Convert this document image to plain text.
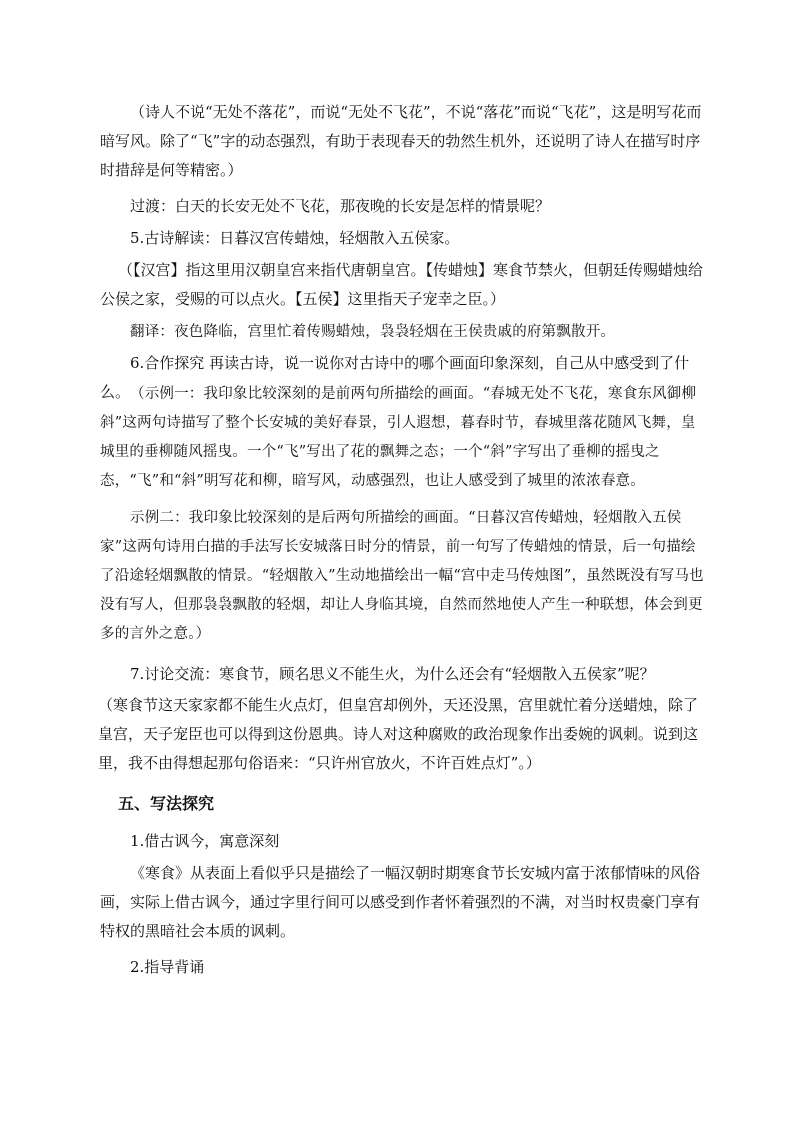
（诗人不说“无处不落花”，而说“无处不飞花”，不说“落花”而说“飞花”，这是明写花而暗写风。除了“飞”字的动态强烈，有助于表现春天的勃然生机外，还说明了诗人在描写时序时措辞是何等精密。）

过渡：白天的长安无处不飞花，那夜晚的长安是怎样的情景呢？

5.古诗解读：日暮汉宫传蜡烛，轻烟散入五侯家。

（【汉宫】指这里用汉朝皇宫来指代唐朝皇宫。【传蜡烛】寒食节禁火，但朝廷传赐蜡烛给公侯之家，受赐的可以点火。【五侯】这里指天子宠幸之臣。）

翻译：夜色降临，宫里忙着传赐蜡烛，袅袅轻烟在王侯贵戚的府第飘散开。

6.合作探究 再读古诗，说一说你对古诗中的哪个画面印象深刻，自己从中感受到了什么。 （示例一：我印象比较深刻的是前两句所描绘的画面。“春城无处不飞花，寒食东风御柳斜”这两句诗描写了整个长安城的美好春景，引人遐想，暮春时节，春城里落花随风飞舞，皇城里的垂柳随风摇曳。一个“飞”写出了花的飘舞之态；一个“斜”字写出了垂柳的摇曳之态，“飞”和“斜”明写花和柳，暗写风，动感强烈，也让人感受到了城里的浓浓春意。

示例二：我印象比较深刻的是后两句所描绘的画面。“日暮汉宫传蜡烛，轻烟散入五侯家”这两句诗用白描的手法写长安城落日时分的情景，前一句写了传蜡烛的情景，后一句描绘了沿途轻烟飘散的情景。“轻烟散入”生动地描绘出一幅“宫中走马传烛图”，虽然既没有写马也没有写人，但那袅袅飘散的轻烟，却让人身临其境，自然而然地使人产生一种联想，体会到更多的言外之意。）

7.讨论交流：寒食节，顾名思义不能生火，为什么还会有“轻烟散入五侯家”呢？

（寒食节这天家家都不能生火点灯，但皇宫却例外，天还没黑，宫里就忙着分送蜡烛，除了皇宫，天子宠臣也可以得到这份恩典。诗人对这种腐败的政治现象作出委婉的讽刺。说到这里，我不由得想起那句俗语来：“只许州官放火，不许百姓点灯”。）

五、写法探究

1.借古讽今，寓意深刻

《寒食》从表面上看似乎只是描绘了一幅汉朝时期寒食节长安城内富于浓郁情味的风俗画，实际上借古讽今，通过字里行间可以感受到作者怀着强烈的不满，对当时权贵豪门享有特权的黑暗社会本质的讽刺。

2.指导背诵
